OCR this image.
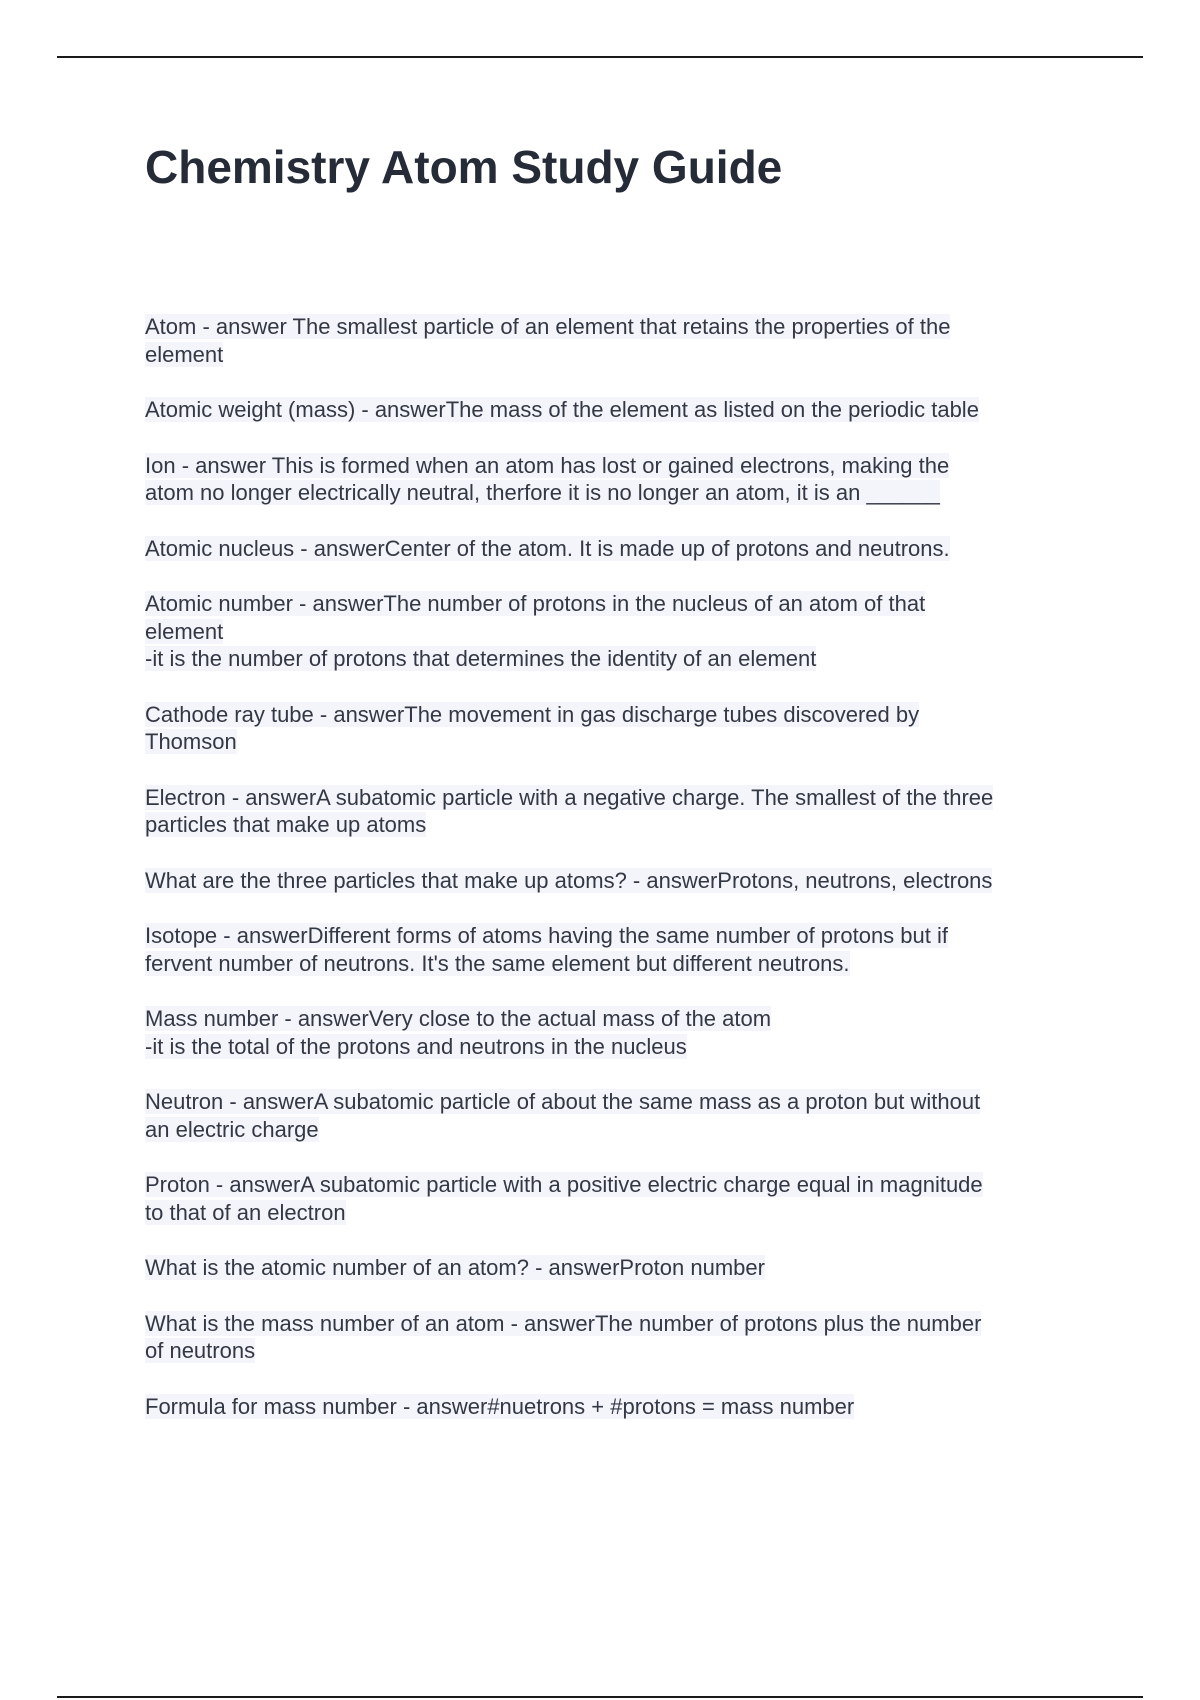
Chemistry Atom Study Guide
Atom - answer The smallest particle of an element that retains the properties of the
element
Atomic weight (mass) - answerThe mass of the element as listed on the periodic table
Ion - answer This is formed when an atom has lost or gained electrons, making the
atom no longer electrically neutral, therfore it is no longer an atom, it is an ______
Atomic nucleus - answerCenter of the atom. It is made up of protons and neutrons.
Atomic number - answerThe number of protons in the nucleus of an atom of that
element
-it is the number of protons that determines the identity of an element
Cathode ray tube - answerThe movement in gas discharge tubes discovered by
Thomson
Electron - answerA subatomic particle with a negative charge. The smallest of the three
particles that make up atoms
What are the three particles that make up atoms? - answerProtons, neutrons, electrons
Isotope - answerDifferent forms of atoms having the same number of protons but if
fervent number of neutrons. It's the same element but different neutrons.
Mass number - answerVery close to the actual mass of the atom
-it is the total of the protons and neutrons in the nucleus
Neutron - answerA subatomic particle of about the same mass as a proton but without
an electric charge
Proton - answerA subatomic particle with a positive electric charge equal in magnitude
to that of an electron
What is the atomic number of an atom? - answerProton number
What is the mass number of an atom - answerThe number of protons plus the number
of neutrons
Formula for mass number - answer#nuetrons + #protons = mass number
